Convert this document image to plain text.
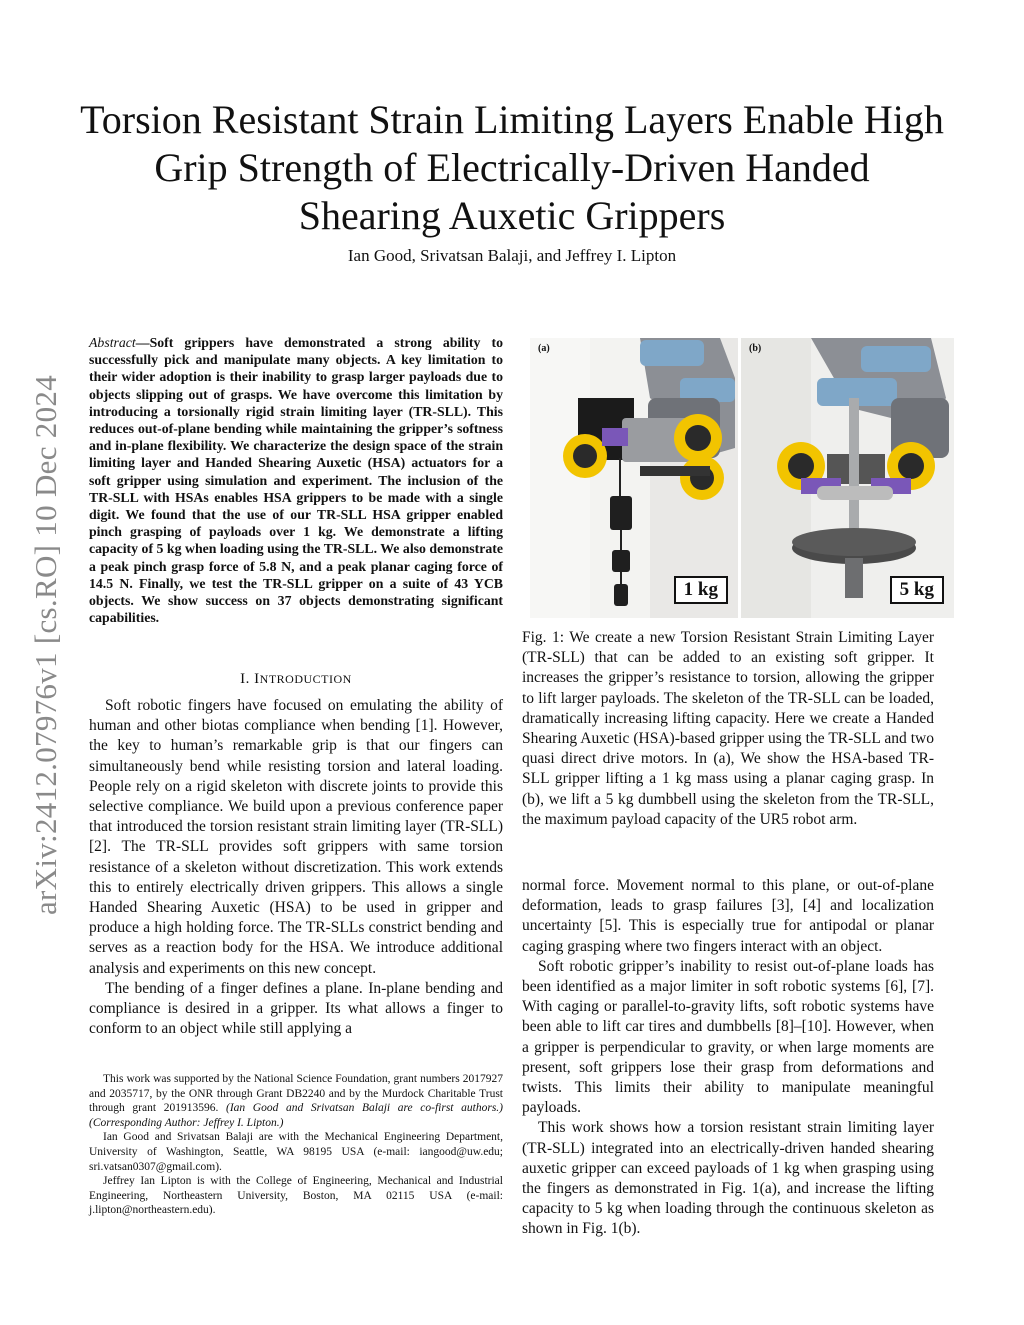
arXiv:2412.07976v1 [cs.RO] 10 Dec 2024
Torsion Resistant Strain Limiting Layers Enable High Grip Strength of Electrically-Driven Handed Shearing Auxetic Grippers

Ian Good, Srivatsan Balaji, and Jeffrey I. Lipton

Abstract—Soft grippers have demonstrated a strong ability to successfully pick and manipulate many objects. A key limitation to their wider adoption is their inability to grasp larger payloads due to objects slipping out of grasps. We have overcome this limitation by introducing a torsionally rigid strain limiting layer (TR-SLL). This reduces out-of-plane bending while maintaining the gripper’s softness and in-plane flexibility. We characterize the design space of the strain limiting layer and Handed Shearing Auxetic (HSA) actuators for a soft gripper using simulation and experiment. The inclusion of the TR-SLL with HSAs enables HSA grippers to be made with a single digit. We found that the use of our TR-SLL HSA gripper enabled pinch grasping of payloads over 1 kg. We demonstrate a lifting capacity of 5 kg when loading using the TR-SLL. We also demonstrate a peak pinch grasp force of 5.8 N, and a peak planar caging force of 14.5 N. Finally, we test the TR-SLL gripper on a suite of 43 YCB objects. We show success on 37 objects demonstrating significant capabilities.

I. INTRODUCTION

Soft robotic fingers have focused on emulating the ability of human and other biotas compliance when bending [1]. However, the key to human’s remarkable grip is that our fingers can simultaneously bend while resisting torsion and lateral loading. People rely on a rigid skeleton with discrete joints to provide this selective compliance. We build upon a previous conference paper that introduced the torsion resistant strain limiting layer (TR-SLL) [2]. The TR-SLL provides soft grippers with same torsion resistance of a skeleton without discretization. This work extends this to entirely electrically driven grippers. This allows a single Handed Shearing Auxetic (HSA) to be used in gripper and produce a high holding force. The TR-SLLs constrict bending and serves as a reaction body for the HSA. We introduce additional analysis and experiments on this new concept.

The bending of a finger defines a plane. In-plane bending and compliance is desired in a gripper. Its what allows a finger to conform to an object while still applying a

This work was supported by the National Science Foundation, grant numbers 2017927 and 2035717, by the ONR through Grant DB2240 and by the Murdock Charitable Trust through grant 201913596. (Ian Good and Srivatsan Balaji are co-first authors.) (Corresponding Author: Jeffrey I. Lipton.)

Ian Good and Srivatsan Balaji are with the Mechanical Engineering Department, University of Washington, Seattle, WA 98195 USA (e-mail: iangood@uw.edu; sri.vatsan0307@gmail.com).

Jeffrey Ian Lipton is with the College of Engineering, Mechanical and Industrial Engineering, Northeastern University, Boston, MA 02115 USA (e-mail: j.lipton@northeastern.edu).

(a)
1 kg
(b)
5 kg

Fig. 1: We create a new Torsion Resistant Strain Limiting Layer (TR-SLL) that can be added to an existing soft gripper. It increases the gripper’s resistance to torsion, allowing the gripper to lift larger payloads. The skeleton of the TR-SLL can be loaded, dramatically increasing lifting capacity. Here we create a Handed Shearing Auxetic (HSA)-based gripper using the TR-SLL and two quasi direct drive motors. In (a), We show the HSA-based TR-SLL gripper lifting a 1 kg mass using a planar caging grasp. In (b), we lift a 5 kg dumbbell using the skeleton from the TR-SLL, the maximum payload capacity of the UR5 robot arm.

normal force. Movement normal to this plane, or out-of-plane deformation, leads to grasp failures [3], [4] and localization uncertainty [5]. This is especially true for antipodal or planar caging grasping where two fingers interact with an object.

Soft robotic gripper’s inability to resist out-of-plane loads has been identified as a major limiter in soft robotic systems [6], [7]. With caging or parallel-to-gravity lifts, soft robotic systems have been able to lift car tires and dumbbells [8]–[10]. However, when a gripper is perpendicular to gravity, or when large moments are present, soft grippers lose their grasp from deformations and twists. This limits their ability to manipulate meaningful payloads.

This work shows how a torsion resistant strain limiting layer (TR-SLL) integrated into an electrically-driven handed shearing auxetic gripper can exceed payloads of 1 kg when grasping using the fingers as demonstrated in Fig. 1(a), and increase the lifting capacity to 5 kg when loading through the continuous skeleton as shown in Fig. 1(b).
